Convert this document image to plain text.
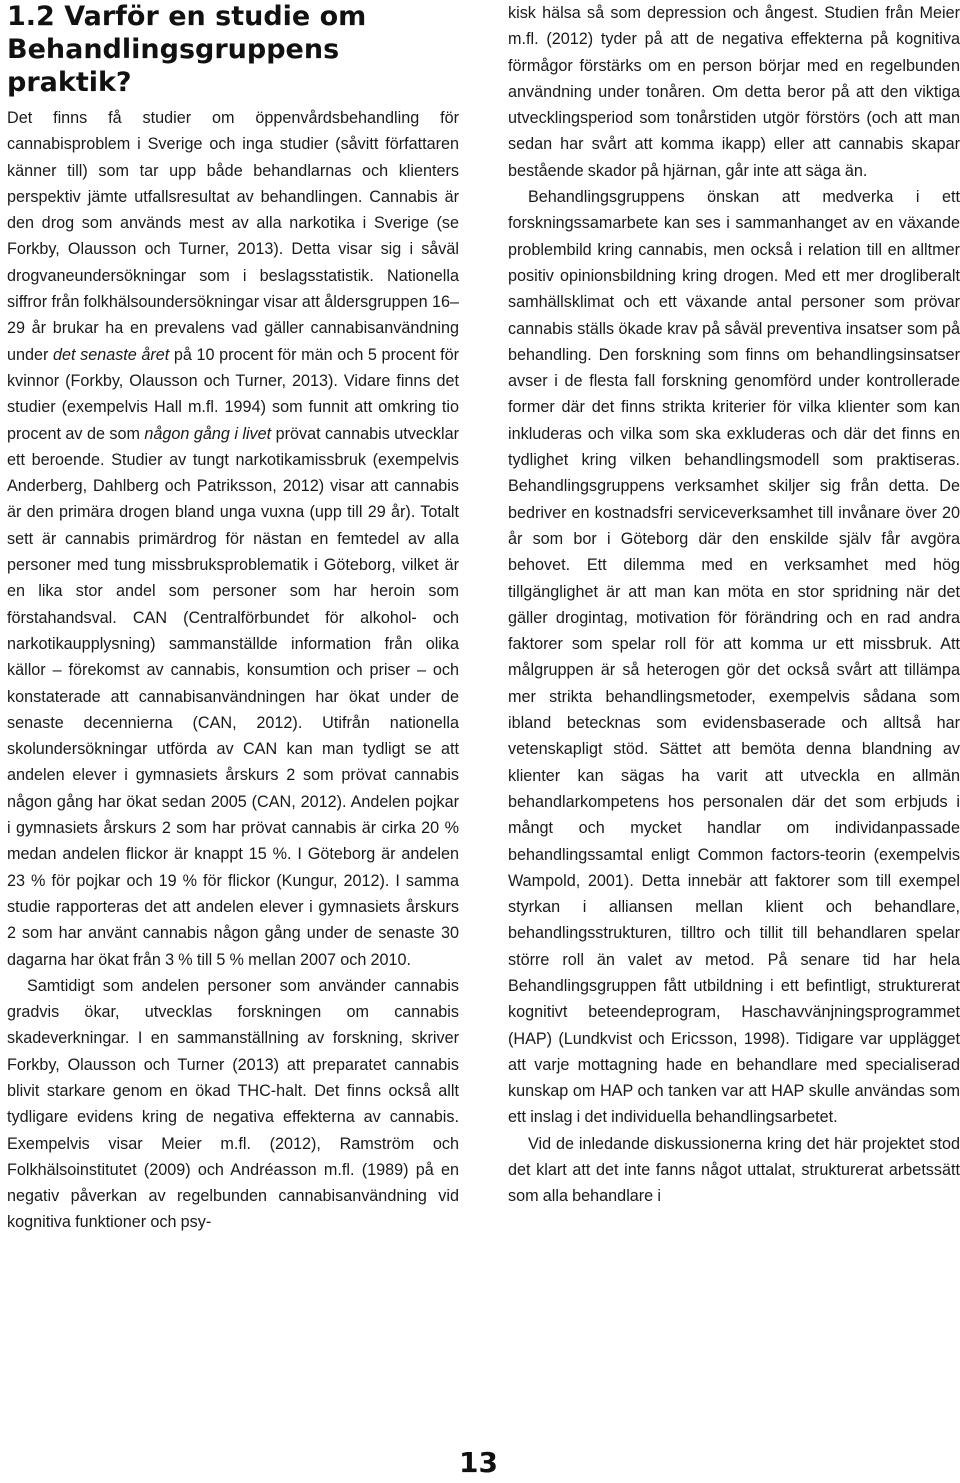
1.2 Varför en studie om Behandlingsgruppens praktik?

Det finns få studier om öppenvårdsbehandling för cannabisproblem i Sverige och inga studier (såvitt författaren känner till) som tar upp både behandlarnas och klienters perspektiv jämte utfallsresultat av behandlingen. Cannabis är den drog som används mest av alla narkotika i Sverige (se Forkby, Olausson och Turner, 2013). Detta visar sig i såväl drogvaneundersökningar som i beslagsstatistik. Nationella siffror från folkhälsoundersökningar visar att åldersgruppen 16–29 år brukar ha en prevalens vad gäller cannabisanvändning under det senaste året på 10 procent för män och 5 procent för kvinnor (Forkby, Olausson och Turner, 2013). Vidare finns det studier (exempelvis Hall m.fl. 1994) som funnit att omkring tio procent av de som någon gång i livet prövat cannabis utvecklar ett beroende. Studier av tungt narkotikamissbruk (exempelvis Anderberg, Dahlberg och Patriksson, 2012) visar att cannabis är den primära drogen bland unga vuxna (upp till 29 år). Totalt sett är cannabis primärdrog för nästan en femtedel av alla personer med tung missbruksproblematik i Göteborg, vilket är en lika stor andel som personer som har heroin som förstahandsval. CAN (Centralförbundet för alkohol- och narkotikaupplysning) sammanställde information från olika källor – förekomst av cannabis, konsumtion och priser – och konstaterade att cannabisanvändningen har ökat under de senaste decennierna (CAN, 2012). Utifrån nationella skolundersökningar utförda av CAN kan man tydligt se att andelen elever i gymnasiets årskurs 2 som prövat cannabis någon gång har ökat sedan 2005 (CAN, 2012). Andelen pojkar i gymnasiets årskurs 2 som har prövat cannabis är cirka 20 % medan andelen flickor är knappt 15 %. I Göteborg är andelen 23 % för pojkar och 19 % för flickor (Kungur, 2012). I samma studie rapporteras det att andelen elever i gymnasiets årskurs 2 som har använt cannabis någon gång under de senaste 30 dagarna har ökat från 3 % till 5 % mellan 2007 och 2010.

Samtidigt som andelen personer som använder cannabis gradvis ökar, utvecklas forskningen om cannabis skadeverkningar. I en sammanställning av forskning, skriver Forkby, Olausson och Turner (2013) att preparatet cannabis blivit starkare genom en ökad THC-halt. Det finns också allt tydligare evidens kring de negativa effekterna av cannabis. Exempelvis visar Meier m.fl. (2012), Ramström och Folkhälsoinstitutet (2009) och Andréasson m.fl. (1989) på en negativ påverkan av regelbunden cannabisanvändning vid kognitiva funktioner och psy-

kisk hälsa så som depression och ångest. Studien från Meier m.fl. (2012) tyder på att de negativa effekterna på kognitiva förmågor förstärks om en person börjar med en regelbunden användning under tonåren. Om detta beror på att den viktiga utvecklingsperiod som tonårstiden utgör förstörs (och att man sedan har svårt att komma ikapp) eller att cannabis skapar bestående skador på hjärnan, går inte att säga än.

Behandlingsgruppens önskan att medverka i ett forskningssamarbete kan ses i sammanhanget av en växande problembild kring cannabis, men också i relation till en alltmer positiv opinionsbildning kring drogen. Med ett mer drogliberalt samhällsklimat och ett växande antal personer som prövar cannabis ställs ökade krav på såväl preventiva insatser som på behandling. Den forskning som finns om behandlingsinsatser avser i de flesta fall forskning genomförd under kontrollerade former där det finns strikta kriterier för vilka klienter som kan inkluderas och vilka som ska exkluderas och där det finns en tydlighet kring vilken behandlingsmodell som praktiseras. Behandlingsgruppens verksamhet skiljer sig från detta. De bedriver en kostnadsfri serviceverksamhet till invånare över 20 år som bor i Göteborg där den enskilde själv får avgöra behovet. Ett dilemma med en verksamhet med hög tillgänglighet är att man kan möta en stor spridning när det gäller drogintag, motivation för förändring och en rad andra faktorer som spelar roll för att komma ur ett missbruk. Att målgruppen är så heterogen gör det också svårt att tillämpa mer strikta behandlingsmetoder, exempelvis sådana som ibland betecknas som evidensbaserade och alltså har vetenskapligt stöd. Sättet att bemöta denna blandning av klienter kan sägas ha varit att utveckla en allmän behandlarkompetens hos personalen där det som erbjuds i mångt och mycket handlar om individanpassade behandlingssamtal enligt Common factors-teorin (exempelvis Wampold, 2001). Detta innebär att faktorer som till exempel styrkan i alliansen mellan klient och behandlare, behandlingsstrukturen, tilltro och tillit till behandlaren spelar större roll än valet av metod. På senare tid har hela Behandlingsgruppen fått utbildning i ett befintligt, strukturerat kognitivt beteendeprogram, Haschavvänjningsprogrammet (HAP) (Lundkvist och Ericsson, 1998). Tidigare var upplägget att varje mottagning hade en behandlare med specialiserad kunskap om HAP och tanken var att HAP skulle användas som ett inslag i det individuella behandlingsarbetet.

Vid de inledande diskussionerna kring det här projektet stod det klart att det inte fanns något uttalat, strukturerat arbetssätt som alla behandlare i

13
